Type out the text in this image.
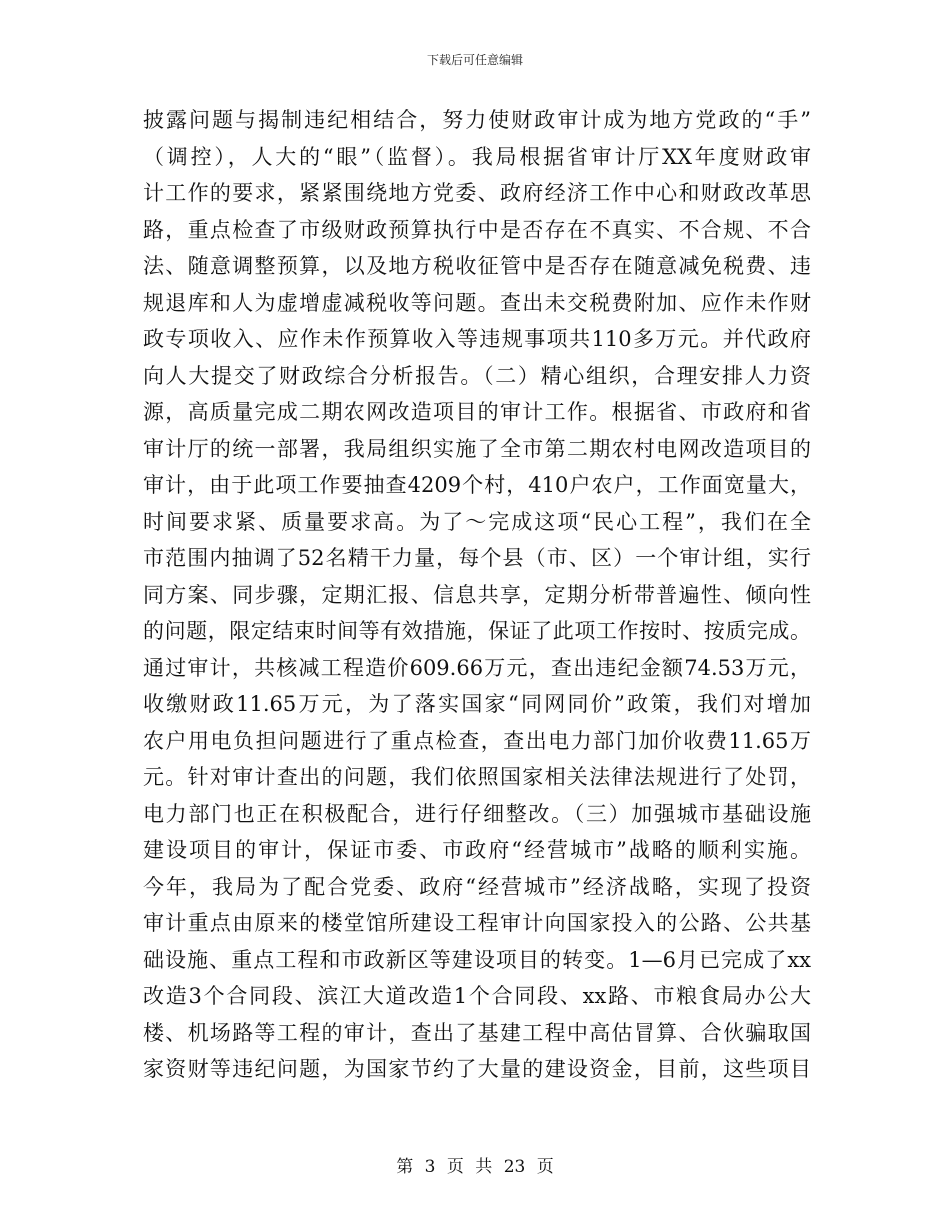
下载后可任意编辑
披露问题与揭制违纪相结合，努力使财政审计成为地方党政的“手”
（调控），人大的“眼”（监督）。我局根据省审计厅XX年度财政审
计工作的要求，紧紧围绕地方党委、政府经济工作中心和财政改革思
路，重点检查了市级财政预算执行中是否存在不真实、不合规、不合
法、随意调整预算，以及地方税收征管中是否存在随意减免税费、违
规退库和人为虚增虚减税收等问题。查出未交税费附加、应作未作财
政专项收入、应作未作预算收入等违规事项共110多万元。并代政府
向人大提交了财政综合分析报告。（二）精心组织，合理安排人力资
源，高质量完成二期农网改造项目的审计工作。根据省、市政府和省
审计厅的统一部署，我局组织实施了全市第二期农村电网改造项目的
审计，由于此项工作要抽查4209个村，410户农户，工作面宽量大，
时间要求紧、质量要求高。为了～完成这项“民心工程”，我们在全
市范围内抽调了52名精干力量，每个县（市、区）一个审计组，实行
同方案、同步骤，定期汇报、信息共享，定期分析带普遍性、倾向性
的问题，限定结束时间等有效措施，保证了此项工作按时、按质完成。
通过审计，共核减工程造价609.66万元，查出违纪金额74.53万元，
收缴财政11.65万元，为了落实国家“同网同价”政策，我们对增加
农户用电负担问题进行了重点检查，查出电力部门加价收费11.65万
元。针对审计查出的问题，我们依照国家相关法律法规进行了处罚，
电力部门也正在积极配合，进行仔细整改。（三）加强城市基础设施
建设项目的审计，保证市委、市政府“经营城市”战略的顺利实施。
今年，我局为了配合党委、政府“经营城市”经济战略，实现了投资
审计重点由原来的楼堂馆所建设工程审计向国家投入的公路、公共基
础设施、重点工程和市政新区等建设项目的转变。1—6月已完成了xx
改造3个合同段、滨江大道改造1个合同段、xx路、市粮食局办公大
楼、机场路等工程的审计，查出了基建工程中高估冒算、合伙骗取国
家资财等违纪问题，为国家节约了大量的建设资金，目前，这些项目
第 3 页 共 23 页
